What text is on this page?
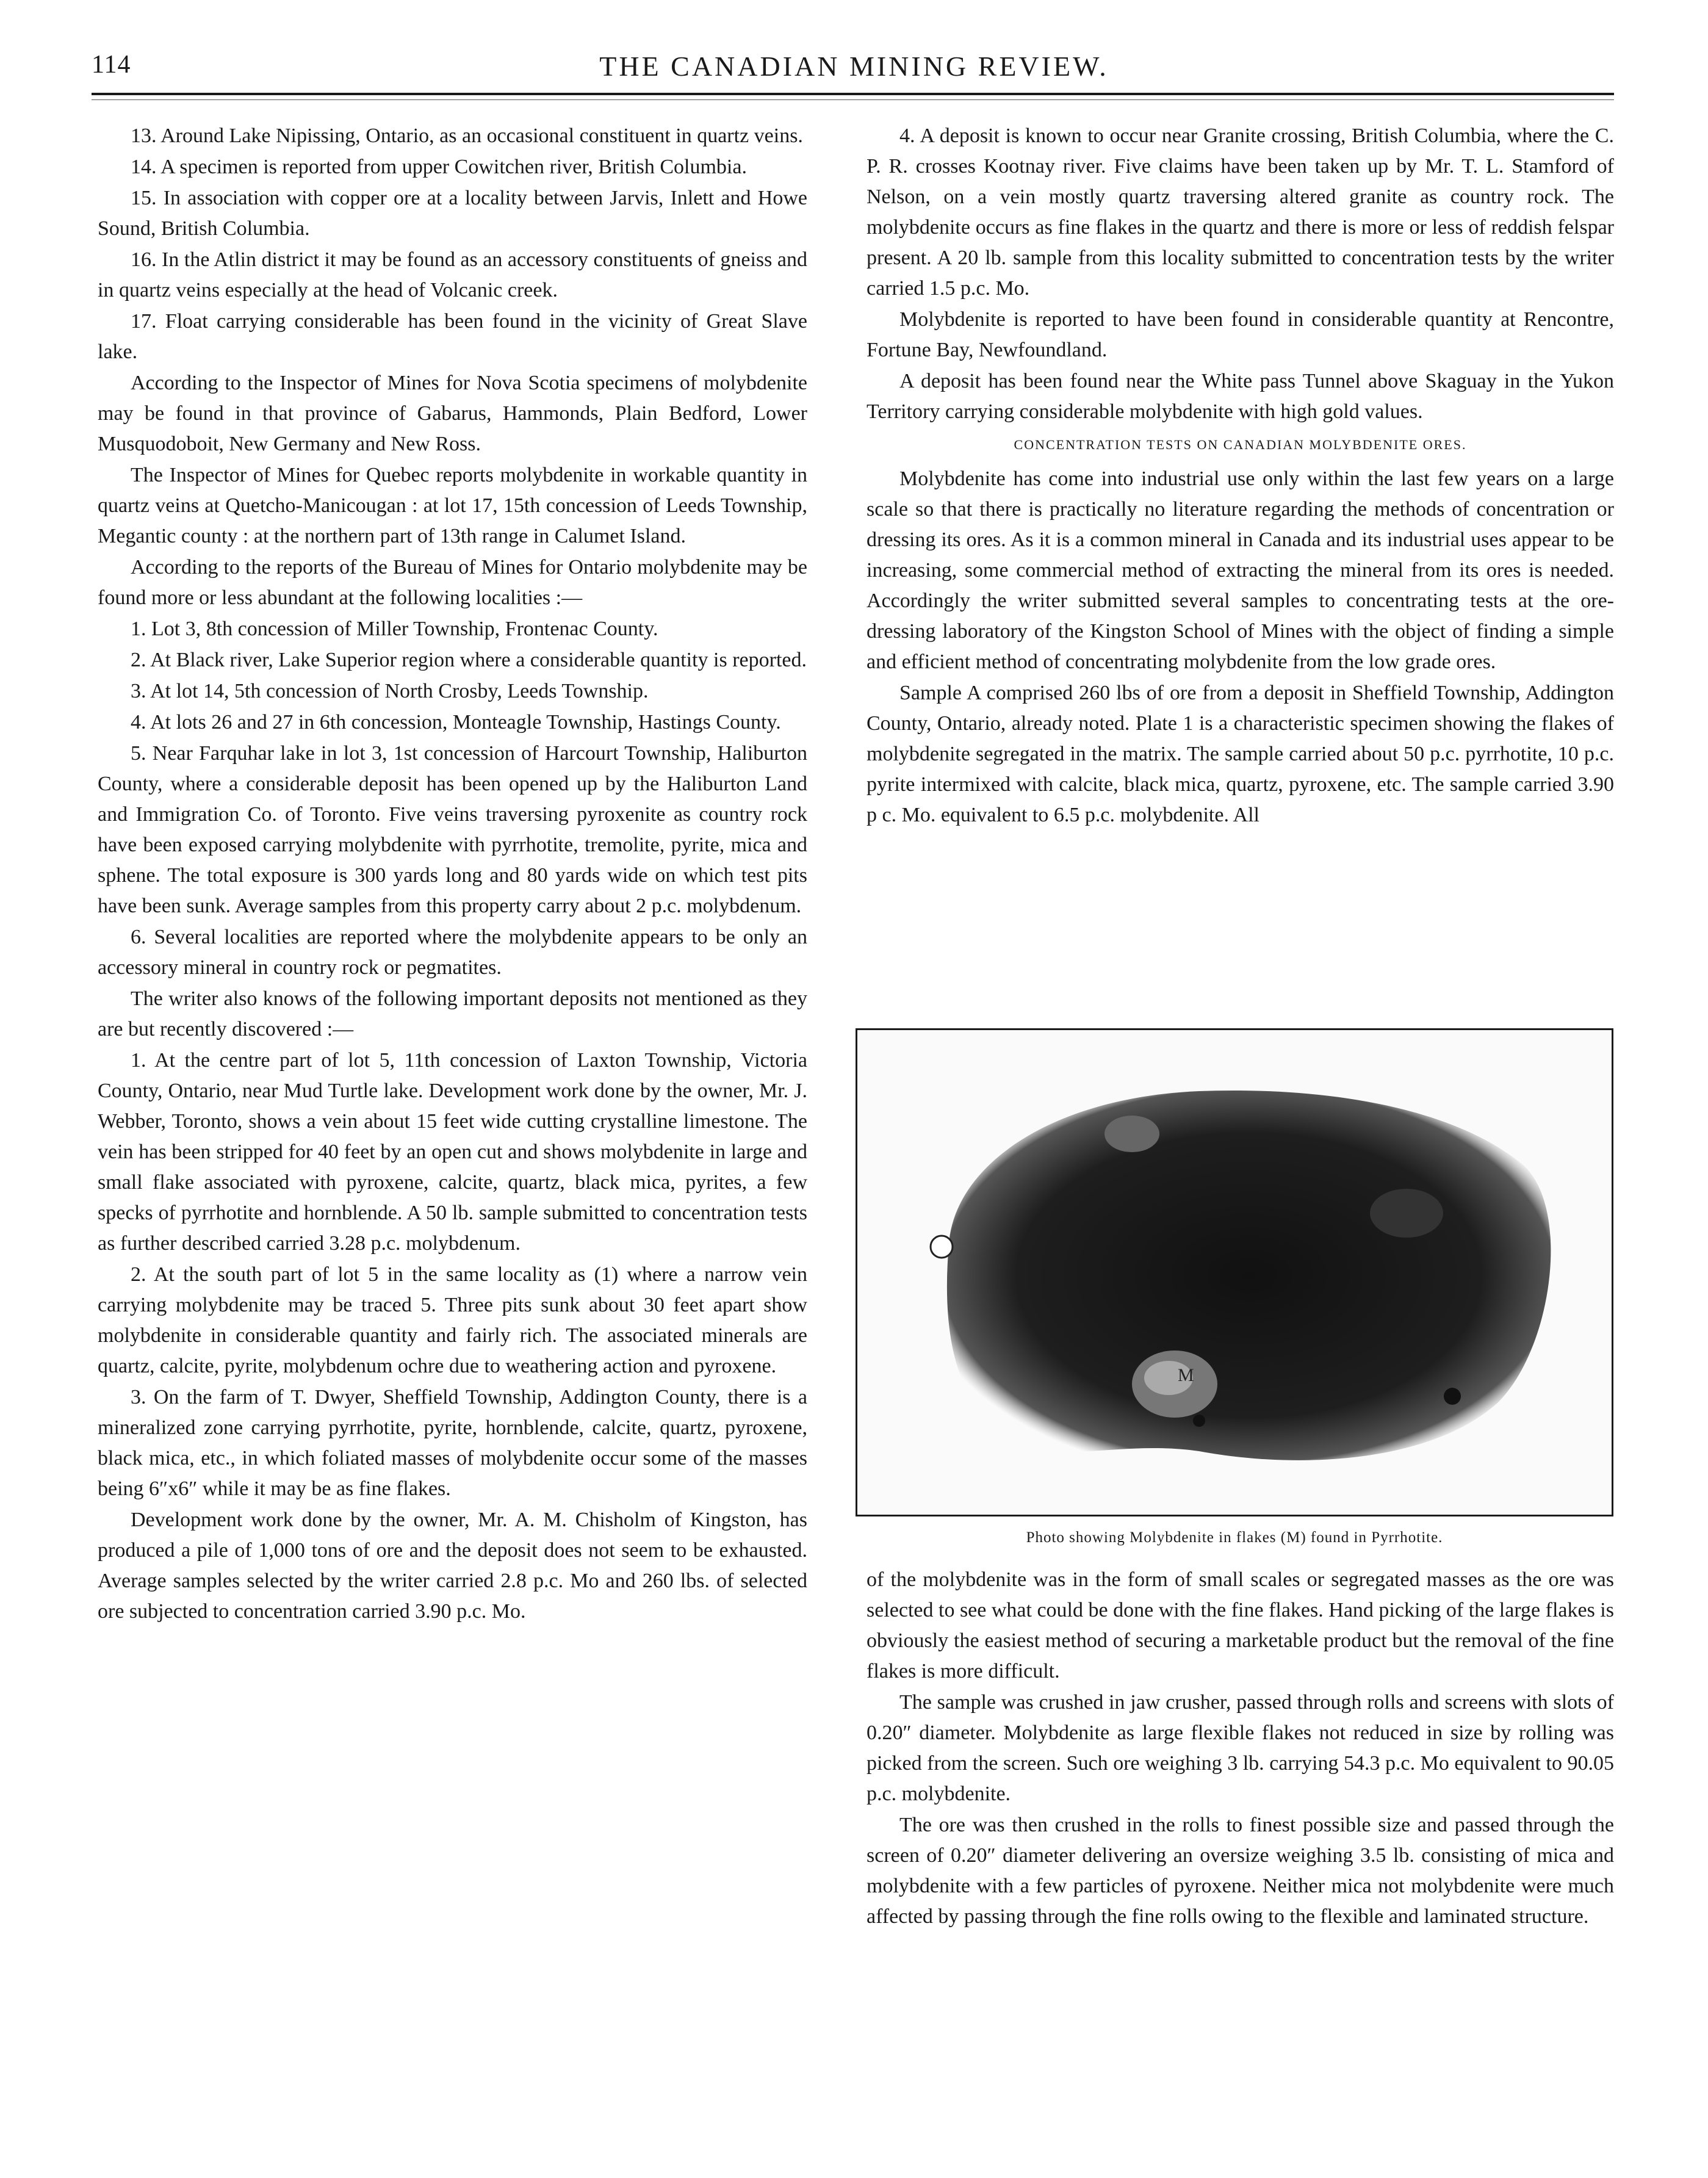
114	THE CANADIAN MINING REVIEW.

13. Around Lake Nipissing, Ontario, as an occasional constituent in quartz veins.

14. A specimen is reported from upper Cowitchen river, British Columbia.

15. In association with copper ore at a locality between Jarvis, Inlett and Howe Sound, British Columbia.

16. In the Atlin district it may be found as an accessory constituents of gneiss and in quartz veins especially at the head of Volcanic creek.

17. Float carrying considerable has been found in the vicinity of Great Slave lake.

According to the Inspector of Mines for Nova Scotia specimens of molybdenite may be found in that province of Gabarus, Hammonds, Plain Bedford, Lower Musquodoboit, New Germany and New Ross.

The Inspector of Mines for Quebec reports molybdenite in workable quantity in quartz veins at Quetcho-Manicougan : at lot 17, 15th concession of Leeds Township, Megantic county : at the northern part of 13th range in Calumet Island.

According to the reports of the Bureau of Mines for Ontario molybdenite may be found more or less abundant at the following localities :—

1. Lot 3, 8th concession of Miller Township, Frontenac County.

2. At Black river, Lake Superior region where a considerable quantity is reported.

3. At lot 14, 5th concession of North Crosby, Leeds Township.

4. At lots 26 and 27 in 6th concession, Monteagle Township, Hastings County.

5. Near Farquhar lake in lot 3, 1st concession of Harcourt Township, Haliburton County, where a considerable deposit has been opened up by the Haliburton Land and Immigration Co. of Toronto. Five veins traversing pyroxenite as country rock have been exposed carrying molybdenite with pyrrhotite, tremolite, pyrite, mica and sphene. The total exposure is 300 yards long and 80 yards wide on which test pits have been sunk. Average samples from this property carry about 2 p.c. molybdenum.

6. Several localities are reported where the molybdenite appears to be only an accessory mineral in country rock or pegmatites.

The writer also knows of the following important deposits not mentioned as they are but recently discovered :—

1. At the centre part of lot 5, 11th concession of Laxton Township, Victoria County, Ontario, near Mud Turtle lake. Development work done by the owner, Mr. J. Webber, Toronto, shows a vein about 15 feet wide cutting crystalline limestone. The vein has been stripped for 40 feet by an open cut and shows molybdenite in large and small flake associated with pyroxene, calcite, quartz, black mica, pyrites, a few specks of pyrrhotite and hornblende. A 50 lb. sample submitted to concentration tests as further described carried 3.28 p.c. molybdenum.

2. At the south part of lot 5 in the same locality as (1) where a narrow vein carrying molybdenite may be traced 5. Three pits sunk about 30 feet apart show molybdenite in considerable quantity and fairly rich. The associated minerals are quartz, calcite, pyrite, molybdenum ochre due to weathering action and pyroxene.

3. On the farm of T. Dwyer, Sheffield Township, Addington County, there is a mineralized zone carrying pyrrhotite, pyrite, hornblende, calcite, quartz, pyroxene, black mica, etc., in which foliated masses of molybdenite occur some of the masses being 6″x6″ while it may be as fine flakes.

Development work done by the owner, Mr. A. M. Chisholm of Kingston, has produced a pile of 1,000 tons of ore and the deposit does not seem to be exhausted. Average samples selected by the writer carried 2.8 p.c. Mo and 260 lbs. of selected ore subjected to concentration carried 3.90 p.c. Mo.

4. A deposit is known to occur near Granite crossing, British Columbia, where the C. P. R. crosses Kootnay river. Five claims have been taken up by Mr. T. L. Stamford of Nelson, on a vein mostly quartz traversing altered granite as country rock. The molybdenite occurs as fine flakes in the quartz and there is more or less of reddish felspar present. A 20 lb. sample from this locality submitted to concentration tests by the writer carried 1.5 p.c. Mo.

Molybdenite is reported to have been found in considerable quantity at Rencontre, Fortune Bay, Newfoundland.

A deposit has been found near the White pass Tunnel above Skaguay in the Yukon Territory carrying considerable molybdenite with high gold values.

CONCENTRATION TESTS ON CANADIAN MOLYBDENITE ORES.

Molybdenite has come into industrial use only within the last few years on a large scale so that there is practically no literature regarding the methods of concentration or dressing its ores. As it is a common mineral in Canada and its industrial uses appear to be increasing, some commercial method of extracting the mineral from its ores is needed. Accordingly the writer submitted several samples to concentrating tests at the ore-dressing laboratory of the Kingston School of Mines with the object of finding a simple and efficient method of concentrating molybdenite from the low grade ores.

Sample A comprised 260 lbs of ore from a deposit in Sheffield Township, Addington County, Ontario, already noted. Plate 1 is a characteristic specimen showing the flakes of molybdenite segregated in the matrix. The sample carried about 50 p.c. pyrrhotite, 10 p.c. pyrite intermixed with calcite, black mica, quartz, pyroxene, etc. The sample carried 3.90 p c. Mo. equivalent to 6.5 p.c. molybdenite. All

M
Photo showing Molybdenite in flakes (M) found in Pyrrhotite.

of the molybdenite was in the form of small scales or segregated masses as the ore was selected to see what could be done with the fine flakes. Hand picking of the large flakes is obviously the easiest method of securing a marketable product but the removal of the fine flakes is more difficult.

The sample was crushed in jaw crusher, passed through rolls and screens with slots of 0.20″ diameter. Molybdenite as large flexible flakes not reduced in size by rolling was picked from the screen. Such ore weighing 3 lb. carrying 54.3 p.c. Mo equivalent to 90.05 p.c. molybdenite.

The ore was then crushed in the rolls to finest possible size and passed through the screen of 0.20″ diameter delivering an oversize weighing 3.5 lb. consisting of mica and molybdenite with a few particles of pyroxene. Neither mica not molybdenite were much affected by passing through the fine rolls owing to the flexible and laminated structure.
